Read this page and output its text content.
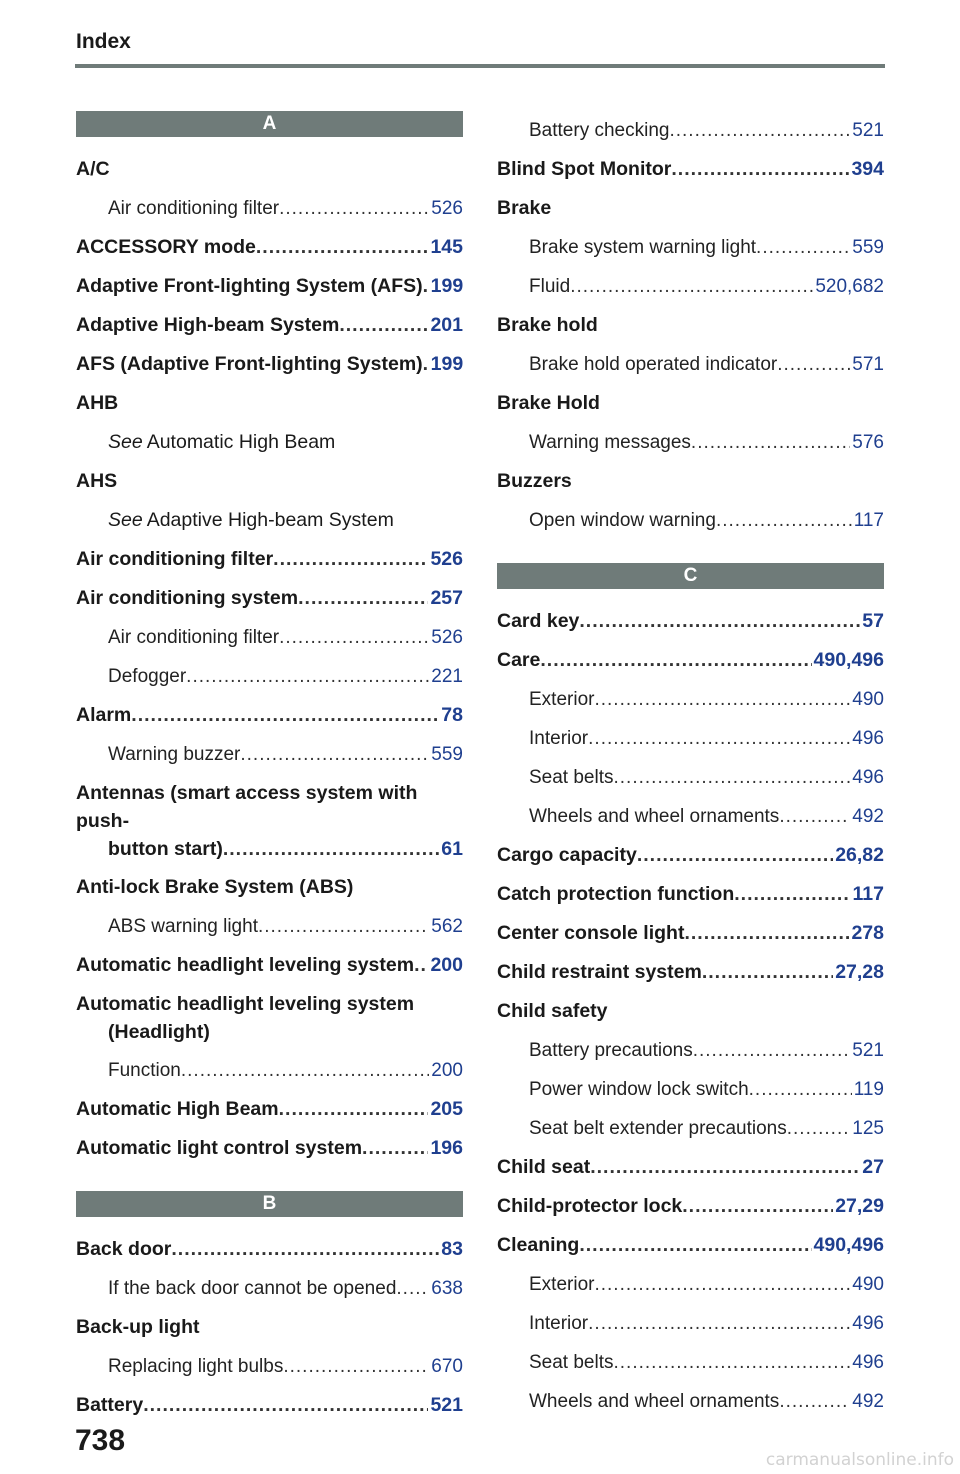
Index
A
A/C
Air conditioning filter .....	526
ACCESSORY mode .....	145
Adaptive Front-lighting System (AFS) ..... 199
Adaptive High-beam System .....	201
AFS (Adaptive Front-lighting System) ..... 199
AHB
See Automatic High Beam
AHS
See Adaptive High-beam System
Air conditioning filter .....	526
Air conditioning system .....	257
Air conditioning filter .....	526
Defogger .....	221
Alarm .....	78
Warning buzzer .....	559
Antennas (smart access system with push-
button start) .....	61
Anti-lock Brake System (ABS)
ABS warning light .....	562
Automatic headlight leveling system ..... 200
Automatic headlight leveling system
(Headlight)
Function .....	200
Automatic High Beam .....	205
Automatic light control system .....	196
B
Back door .....	83
If the back door cannot be opened ..... 638
Back-up light
Replacing light bulbs .....	670
Battery .....	521
Battery checking .....	521
Blind Spot Monitor .....	394
Brake
Brake system warning light .....	559
Fluid .....	520,682
Brake hold
Brake hold operated indicator .....	571
Brake Hold
Warning messages .....	576
Buzzers
Open window warning .....	117
C
Card key .....	57
Care .....	490,496
Exterior .....	490
Interior .....	496
Seat belts .....	496
Wheels and wheel ornaments .....	492
Cargo capacity .....	26,82
Catch protection function .....	117
Center console light .....	278
Child restraint system .....	27,28
Child safety
Battery precautions .....	521
Power window lock switch .....	119
Seat belt extender precautions .....	125
Child seat .....	27
Child-protector lock .....	27,29
Cleaning .....	490,496
Exterior .....	490
Interior .....	496
Seat belts .....	496
Wheels and wheel ornaments .....	492
738
carmanualsonline.info
